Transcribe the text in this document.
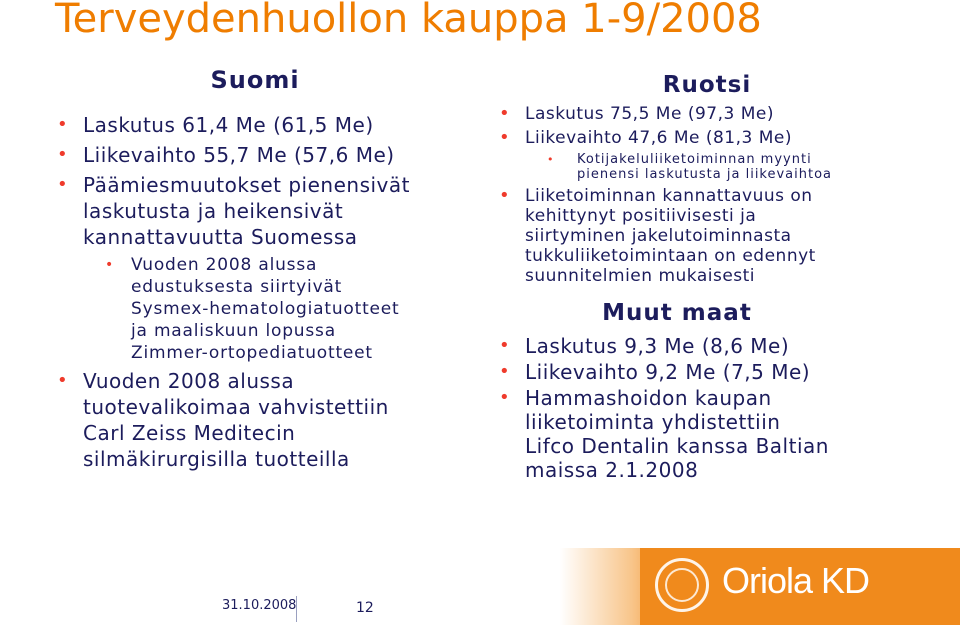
Terveydenhuollon kauppa 1-9/2008
Suomi
• Laskutus 61,4 Me (61,5 Me)
• Liikevaihto 55,7 Me (57,6 Me)
• Päämiesmuutokset pienensivät
laskutusta ja heikensivät
kannattavuutta Suomessa
• Vuoden 2008 alussa
edustuksesta siirtyivät
Sysmex-hematologiatuotteet
ja maaliskuun lopussa
Zimmer-ortopediatuotteet
• Vuoden 2008 alussa
tuotevalikoimaa vahvistettiin
Carl Zeiss Meditecin
silmäkirurgisilla tuotteilla
Ruotsi
• Laskutus 75,5 Me (97,3 Me)
• Liikevaihto 47,6 Me (81,3 Me)
• Kotijakeluliiketoiminnan myynti
pienensi laskutusta ja liikevaihtoa
• Liiketoiminnan kannattavuus on
kehittynyt positiivisesti ja
siirtyminen jakelutoiminnasta
tukkuliiketoimintaan on edennyt
suunnitelmien mukaisesti
Muut maat
• Laskutus 9,3 Me (8,6 Me)
• Liikevaihto 9,2 Me (7,5 Me)
• Hammashoidon kaupan
liiketoiminta yhdistettiin
Lifco Dentalin kanssa Baltian
maissa 2.1.2008
Oriola KD
31.10.2008	12
